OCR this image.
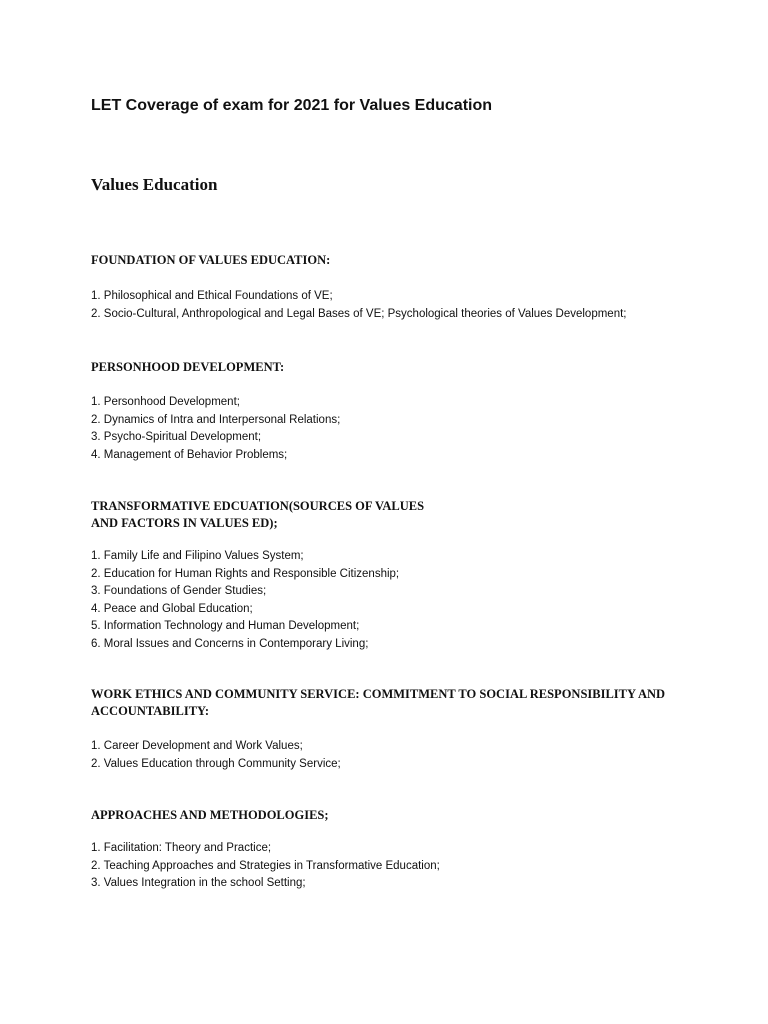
LET Coverage of exam for 2021 for Values Education
Values Education
FOUNDATION OF VALUES EDUCATION:
1. Philosophical and Ethical Foundations of VE;
2. Socio-Cultural, Anthropological and Legal Bases of VE; Psychological theories of Values Development;
PERSONHOOD DEVELOPMENT:
1. Personhood Development;
2. Dynamics of Intra and Interpersonal Relations;
3. Psycho-Spiritual Development;
4. Management of Behavior Problems;
TRANSFORMATIVE EDCUATION(SOURCES OF VALUES
AND FACTORS IN VALUES ED);
1. Family Life and Filipino Values System;
2. Education for Human Rights and Responsible Citizenship;
3. Foundations of Gender Studies;
4. Peace and Global Education;
5. Information Technology and Human Development;
6. Moral Issues and Concerns in Contemporary Living;
WORK ETHICS AND COMMUNITY SERVICE: COMMITMENT TO SOCIAL RESPONSIBILITY AND
ACCOUNTABILITY:
1. Career Development and Work Values;
2. Values Education through Community Service;
APPROACHES AND METHODOLOGIES;
1. Facilitation: Theory and Practice;
2. Teaching Approaches and Strategies in Transformative Education;
3. Values Integration in the school Setting;
